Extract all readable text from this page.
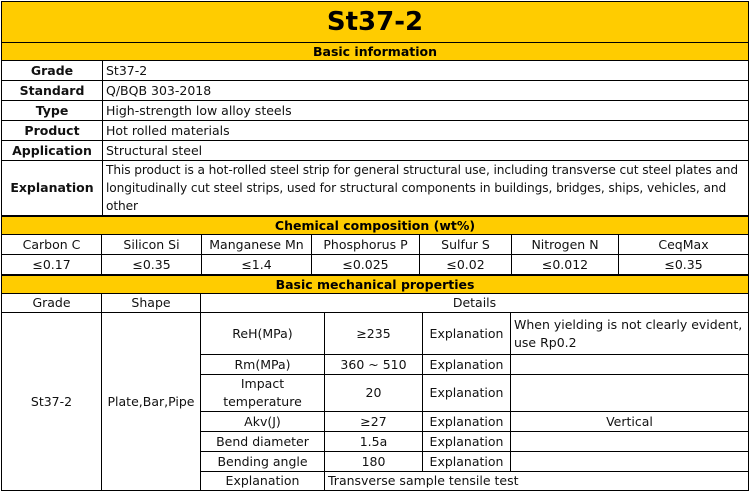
St37-2	
Basic information	
Grade	St37-2
Standard	Q/BQB 303-2018
Type	High-strength low alloy steels
Product	Hot rolled materials
Application	Structural steel
Explanation	This product is a hot-rolled steel strip for general structural use, including transverse cut steel plates and longitudinally cut steel strips, used for structural components in buildings, bridges, ships, vehicles, and other
Chemical composition (wt%)						
Carbon C	Silicon Si	Manganese Mn	Phosphorus P	Sulfur S	Nitrogen N	CeqMax
≤0.17	≤0.35	≤1.4	≤0.025	≤0.02	≤0.012	≤0.35
Basic mechanical properties					
Grade	Shape	Details			
St37-2	Plate,Bar,Pipe	ReH(MPa)	≥235	Explanation	When yielding is not clearly evident, use Rp0.2
		Rm(MPa)	360 ~ 510	Explanation	
		Impact temperature	20	Explanation	
		Akv(J)	≥27	Explanation	Vertical
		Bend diameter	1.5a	Explanation	
		Bending angle	180	Explanation	
		Explanation	Transverse sample tensile test		
